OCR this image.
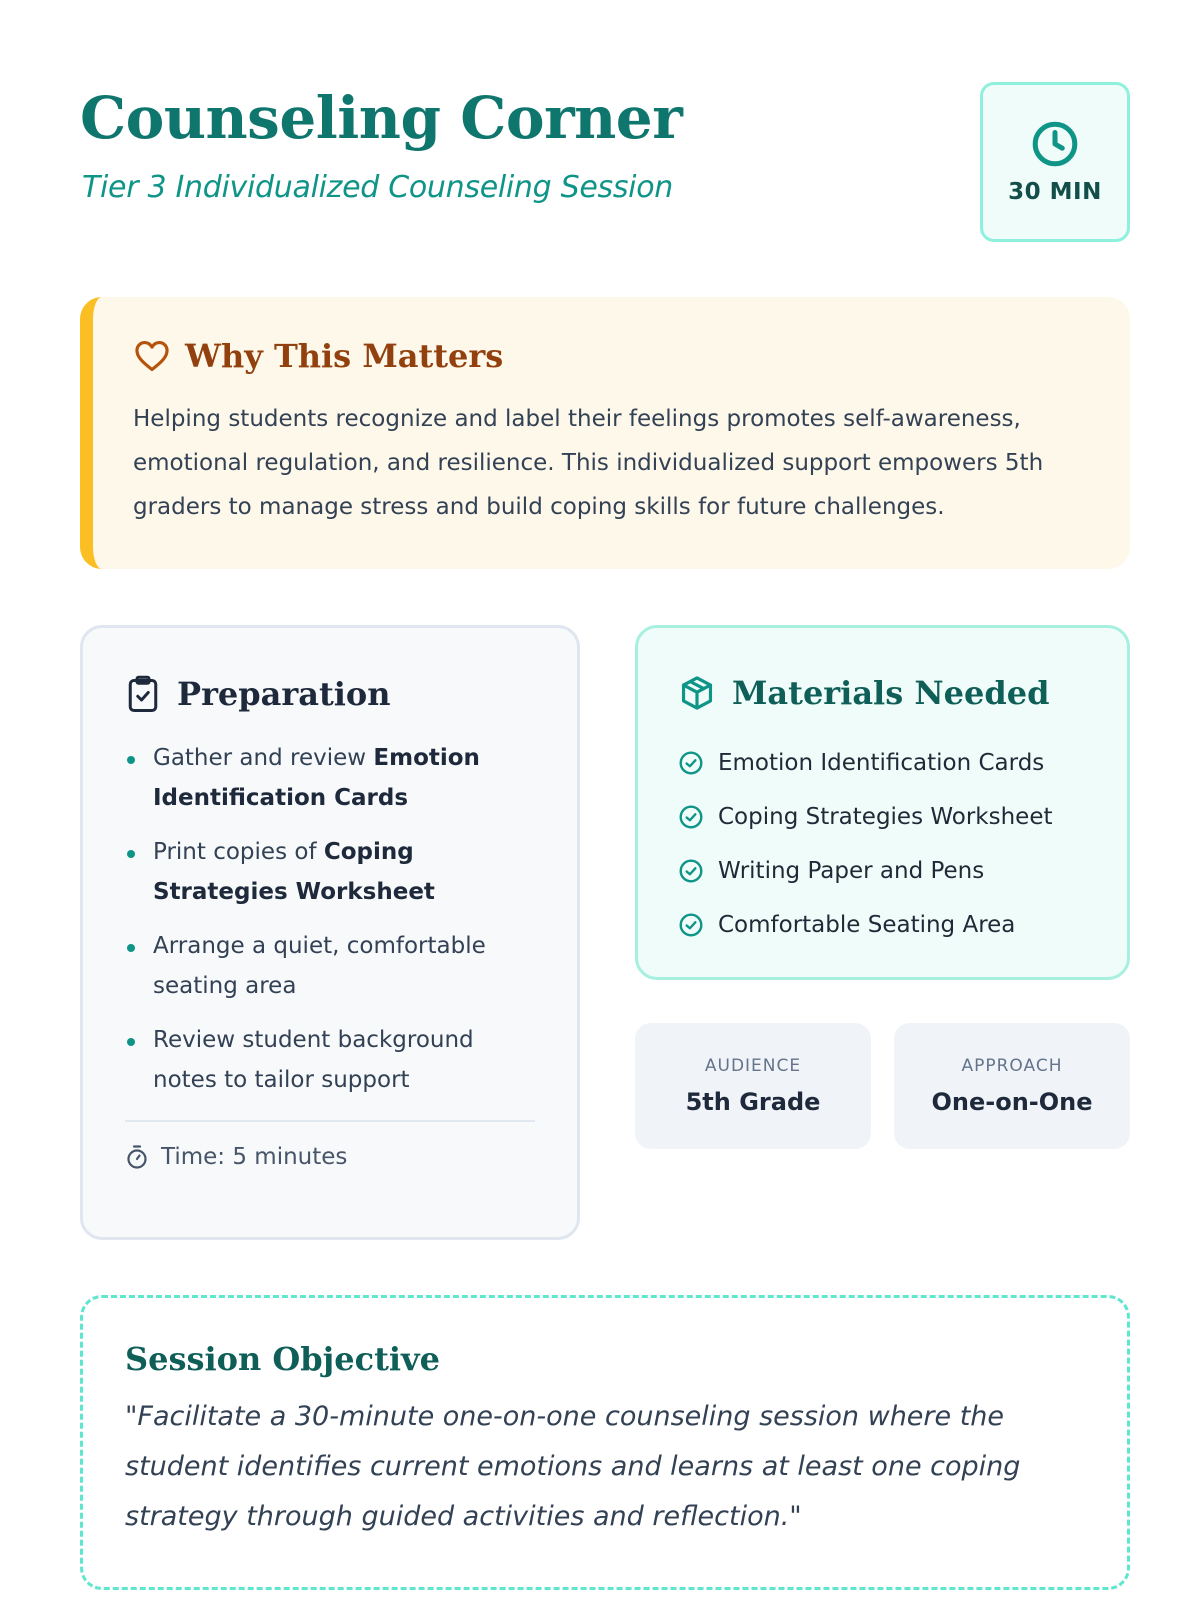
Counseling Corner
Tier 3 Individualized Counseling Session	30 MIN
Why This Matters

Helping students recognize and label their feelings promotes self-awareness, emotional regulation, and resilience. This individualized support empowers 5th graders to manage stress and build coping skills for future challenges.

Preparation
Gather and review Emotion Identification Cards
Print copies of Coping Strategies Worksheet
Arrange a quiet, comfortable seating area
Review student background notes to tailor support
Time: 5 minutes
Materials Needed
Emotion Identification Cards
Coping Strategies Worksheet
Writing Paper and Pens
Comfortable Seating Area
AUDIENCE
5th Grade
APPROACH
One-on-One
Session Objective

"Facilitate a 30-minute one-on-one counseling session where the student identifies current emotions and learns at least one coping strategy through guided activities and reflection."
